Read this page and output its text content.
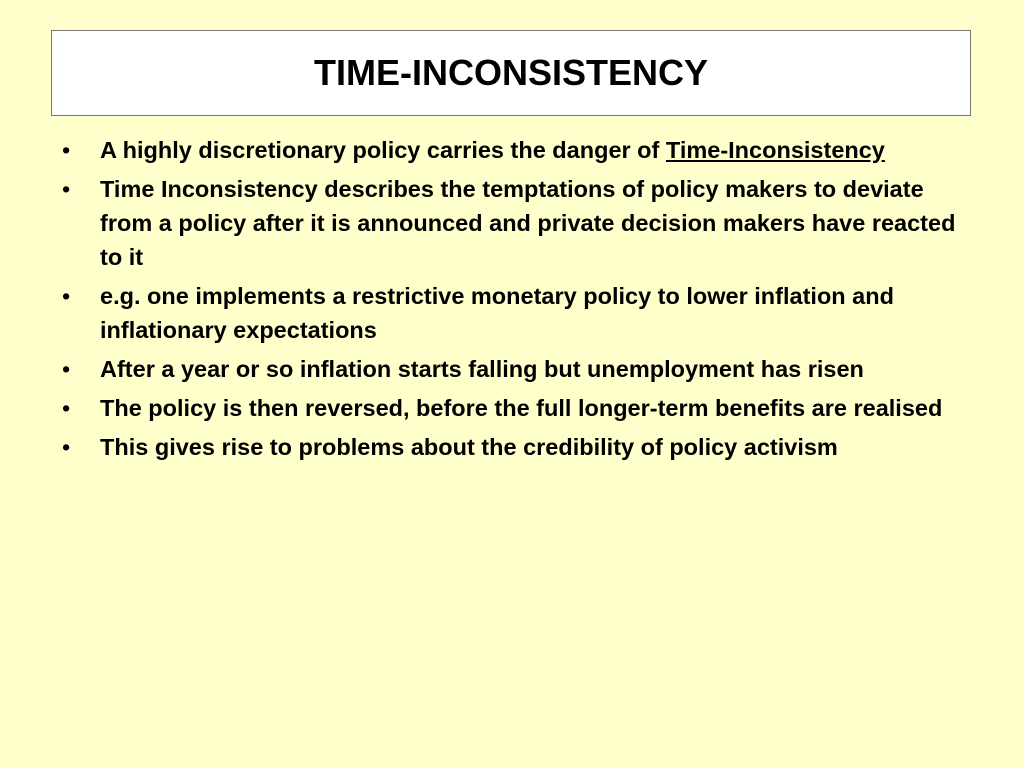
TIME-INCONSISTENCY
• A highly discretionary policy carries the danger of Time-Inconsistency
• Time Inconsistency describes the temptations of policy makers to deviate from a policy after it is announced and private decision makers have reacted to it
• e.g. one implements a restrictive monetary policy to lower inflation and inflationary expectations
• After a year or so inflation starts falling but unemployment has risen
• The policy is then reversed, before the full longer-term benefits are realised
• This gives rise to problems about the credibility of policy activism
